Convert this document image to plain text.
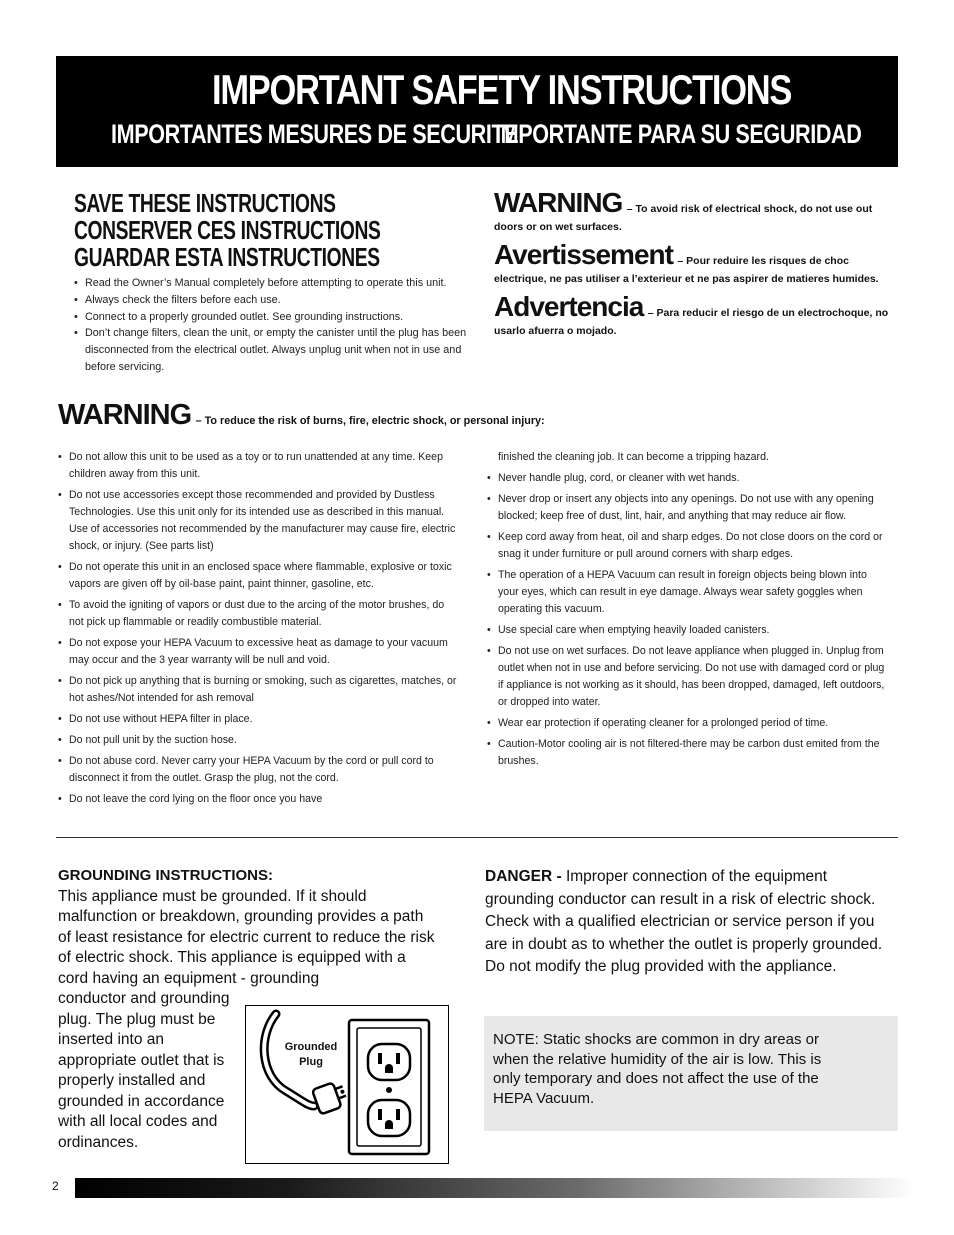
IMPORTANT SAFETY INSTRUCTIONS
IMPORTANTES MESURES DE SECURITE
IMPORTANTE PARA SU SEGURIDAD
SAVE THESE INSTRUCTIONS
CONSERVER CES INSTRUCTIONS
GUARDAR ESTA INSTRUCTIONES
• Read the Owner’s Manual completely before attempting to operate this unit.
• Always check the filters before each use.
• Connect to a properly grounded outlet. See grounding instructions.
• Don’t change filters, clean the unit, or empty the canister until the plug has been disconnected from the electrical outlet. Always unplug unit when not in use and before servicing.
WARNING – To avoid risk of electrical shock, do not use out doors or on wet surfaces.
Avertissement – Pour reduire les risques de choc electrique, ne pas utiliser a l’exterieur et ne pas aspirer de matieres humides.
Advertencia – Para reducir el riesgo de un electrochoque, no usarlo afuerra o mojado.
WARNING – To reduce the risk of burns, fire, electric shock, or personal injury:
• Do not allow this unit to be used as a toy or to run unattended at any time. Keep children away from this unit.
• Do not use accessories except those recommended and provided by Dustless Technologies. Use this unit only for its intended use as described in this manual. Use of accessories not recommended by the manufacturer may cause fire, electric shock, or injury. (See parts list)
• Do not operate this unit in an enclosed space where flammable, explosive or toxic vapors are given off by oil-base paint, paint thinner, gasoline, etc.
• To avoid the igniting of vapors or dust due to the arcing of the motor brushes, do not pick up flammable or readily combustible material.
• Do not expose your HEPA Vacuum to excessive heat as damage to your vacuum may occur and the 3 year warranty will be null and void.
• Do not pick up anything that is burning or smoking, such as cigarettes, matches, or hot ashes/Not intended for ash removal
• Do not use without HEPA filter in place.
• Do not pull unit by the suction hose.
• Do not abuse cord. Never carry your HEPA Vacuum by the cord or pull cord to disconnect it from the outlet. Grasp the plug, not the cord.
• Do not leave the cord lying on the floor once you have
finished the cleaning job. It can become a tripping hazard.
• Never handle plug, cord, or cleaner with wet hands.
• Never drop or insert any objects into any openings. Do not use with any opening blocked; keep free of dust, lint, hair, and anything that may reduce air flow.
• Keep cord away from heat, oil and sharp edges. Do not close doors on the cord or snag it under furniture or pull around corners with sharp edges.
• The operation of a HEPA Vacuum can result in foreign objects being blown into your eyes, which can result in eye damage. Always wear safety goggles when operating this vacuum.
• Use special care when emptying heavily loaded canisters.
• Do not use on wet surfaces. Do not leave appliance when plugged in. Unplug from outlet when not in use and before servicing. Do not use with damaged cord or plug if appliance is not working as it should, has been dropped, damaged, left outdoors, or dropped into water.
• Wear ear protection if operating cleaner for a prolonged period of time.
• Caution-Motor cooling air is not filtered-there may be carbon dust emited from the brushes.
GROUNDING INSTRUCTIONS:
This appliance must be grounded. If it should malfunction or breakdown, grounding provides a path of least resistance for electric current to reduce the risk of electric shock. This appliance is equipped with a cord having an equipment - grounding
conductor and grounding plug. The plug must be inserted into an appropriate outlet that is properly installed and grounded in accordance with all local codes and ordinances.
Grounded Plug
DANGER - Improper connection of the equipment grounding conductor can result in a risk of electric shock. Check with a qualified electrician or service person if you are in doubt as to whether the outlet is properly grounded. Do not modify the plug provided with the appliance.

NOTE: Static shocks are common in dry areas or when the relative humidity of the air is low. This is only temporary and does not affect the use of the HEPA Vacuum.

2
